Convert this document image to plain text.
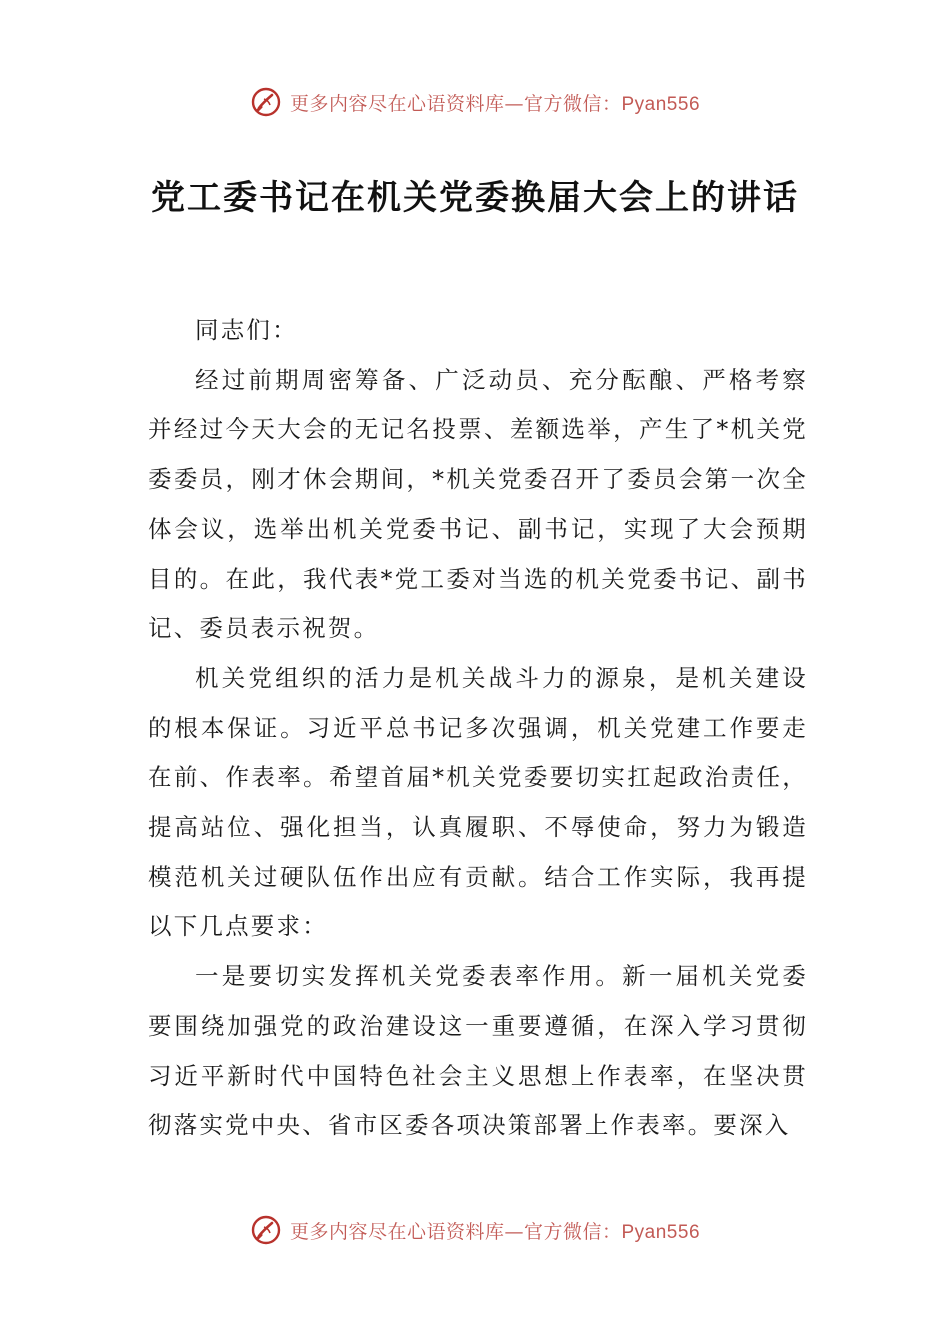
更多内容尽在心语资料库—官方微信：Pyan556
党工委书记在机关党委换届大会上的讲话

同志们：

经过前期周密筹备、广泛动员、充分酝酿、严格考察并经过今天大会的无记名投票、差额选举，产生了*机关党委委员，刚才休会期间，*机关党委召开了委员会第一次全体会议，选举出机关党委书记、副书记，实现了大会预期目的。在此，我代表*党工委对当选的机关党委书记、副书记、委员表示祝贺。

机关党组织的活力是机关战斗力的源泉，是机关建设的根本保证。习近平总书记多次强调，机关党建工作要走在前、作表率。希望首届*机关党委要切实扛起政治责任，提高站位、强化担当，认真履职、不辱使命，努力为锻造模范机关过硬队伍作出应有贡献。结合工作实际，我再提以下几点要求：

一是要切实发挥机关党委表率作用。新一届机关党委要围绕加强党的政治建设这一重要遵循，在深入学习贯彻习近平新时代中国特色社会主义思想上作表率，在坚决贯彻落实党中央、省市区委各项决策部署上作表率。要深入

更多内容尽在心语资料库—官方微信：Pyan556
